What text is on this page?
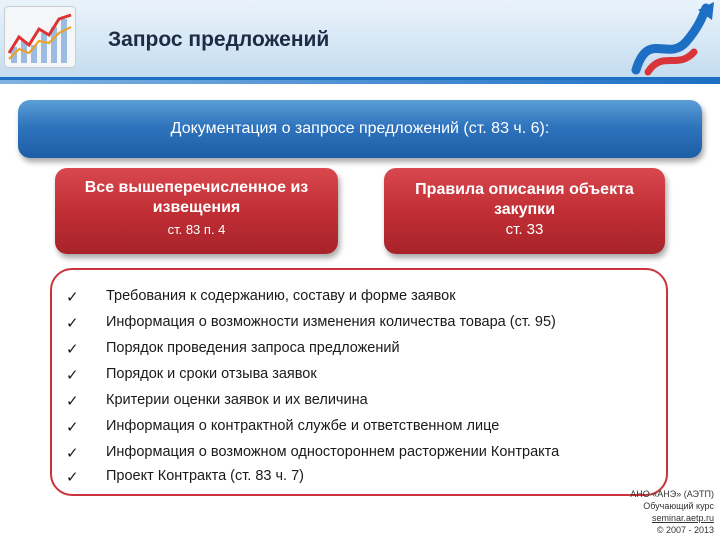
Запрос предложений
Документация о запросе предложений (ст. 83 ч. 6):
Все вышеперечисленное из
извещения
ст. 83 п. 4
Правила описания объекта
закупки
ст. 33
✓ Требования к содержанию, составу и форме заявок
✓ Информация о возможности изменения количества товара (ст. 95)
✓ Порядок проведения запроса предложений
✓ Порядок и сроки отзыва заявок
✓ Критерии оценки заявок и их величина
✓ Информация о контрактной службе и ответственном лице
✓ Информация о возможном одностороннем расторжении Контракта
✓ Проект Контракта (ст. 83 ч. 7)
АНО «АНЭ» (АЭТП)
Обучающий курс
seminar.aetp.ru
© 2007 - 2013
